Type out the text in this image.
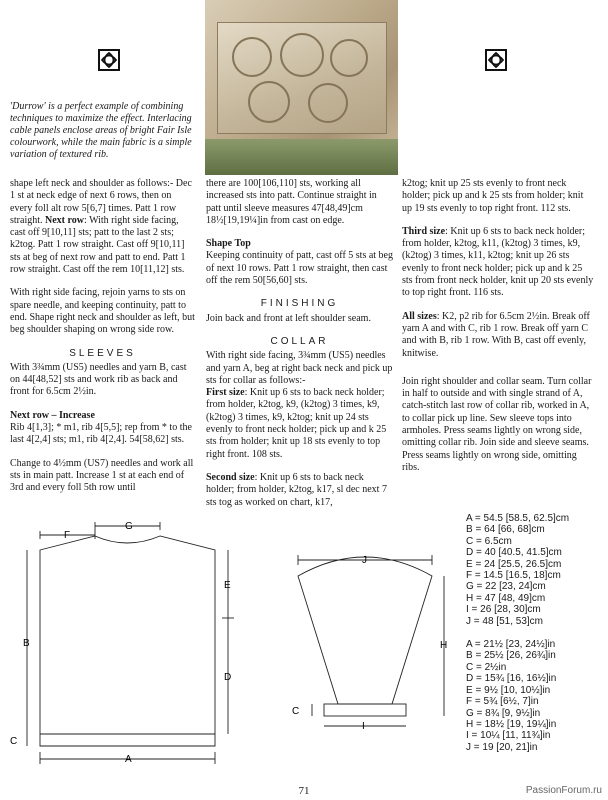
'Durrow' is a perfect example of combining techniques to maximize the effect. Interlacing cable panels enclose areas of bright Fair Isle colourwork, while the main fabric is a simple variation of textured rib.

shape left neck and shoulder as follows:- Dec 1 st at neck edge of next 6 rows, then on every foll alt row 5[6,7] times. Patt 1 row straight. Next row: With right side facing, cast off 9[10,11] sts; patt to the last 2 sts; k2tog. Patt 1 row straight. Cast off 9[10,11] sts at beg of next row and patt to end. Patt 1 row straight. Cast off the rem 10[11,12] sts.

With right side facing, rejoin yarns to sts on spare needle, and keeping continuity, patt to end. Shape right neck and shoulder as left, but beg shoulder shaping on wrong side row.

SLEEVES

With 3¾mm (US5) needles and yarn B, cast on 44[48,52] sts and work rib as back and front for 6.5cm 2½in.

Next row – Increase
Rib 4[1,3]; * m1, rib 4[5,5]; rep from * to the last 4[2,4] sts; m1, rib 4[2,4]. 54[58,62] sts.

Change to 4½mm (US7) needles and work all sts in main patt. Increase 1 st at each end of 3rd and every foll 5th row until

there are 100[106,110] sts, working all increased sts into patt. Continue straight in patt until sleeve measures 47[48,49]cm 18½[19,19¼]in from cast on edge.

Shape Top

Keeping continuity of patt, cast off 5 sts at beg of next 10 rows. Patt 1 row straight, then cast off the rem 50[56,60] sts.

FINISHING

Join back and front at left shoulder seam.

COLLAR

With right side facing, 3¾mm (US5) needles and yarn A, beg at right back neck and pick up sts for collar as follows:-

First size: Knit up 6 sts to back neck holder; from holder, k2tog, k9, (k2tog) 3 times, k9, (k2tog) 3 times, k9, k2tog; knit up 24 sts evenly to front neck holder; pick up and k 25 sts from holder; knit up 18 sts evenly to top right front. 108 sts.

Second size: Knit up 6 sts to back neck holder; from holder, k2tog, k17, sl dec next 7 sts tog as worked on chart, k17,

k2tog; knit up 25 sts evenly to front neck holder; pick up and k 25 sts from holder; knit up 19 sts evenly to top right front. 112 sts.

Third size: Knit up 6 sts to back neck holder; from holder, k2tog, k11, (k2tog) 3 times, k9, (k2tog) 3 times, k11, k2tog; knit up 26 sts evenly to front neck holder; pick up and k 25 sts from front neck holder, knit up 20 sts evenly to top right front. 116 sts.

All sizes: K2, p2 rib for 6.5cm 2½in. Break off yarn A and with C, rib 1 row. Break off yarn C and with B, rib 1 row. With B, cast off evenly, knitwise.

Join right shoulder and collar seam. Turn collar in half to outside and with single strand of A, catch-stitch last row of collar rib, worked in A, to collar pick up line. Sew sleeve tops into armholes. Press seams lightly on wrong side, omitting collar rib. Join side and sleeve seams. Press seams lightly on wrong side, omitting ribs.

F
G
B
C
D
E
A
J
H
C
I
A = 54.5 [58.5, 62.5]cm
B = 64 [66, 68]cm
C = 6.5cm
D = 40 [40.5, 41.5]cm
E = 24 [25.5, 26.5]cm
F = 14.5 [16.5, 18]cm
G = 22 [23, 24]cm
H = 47 [48, 49]cm
I = 26 [28, 30]cm
J = 48 [51, 53]cm
A = 21½ [23, 24½]in
B = 25½ [26, 26¾]in
C = 2½in
D = 15¾ [16, 16½]in
E = 9½ [10, 10½]in
F = 5¾ [6½, 7]in
G = 8¾ [9, 9½]in
H = 18½ [19, 19¼]in
I = 10¼ [11, 11¾]in
J = 19 [20, 21]in
71	PassionForum.ru
